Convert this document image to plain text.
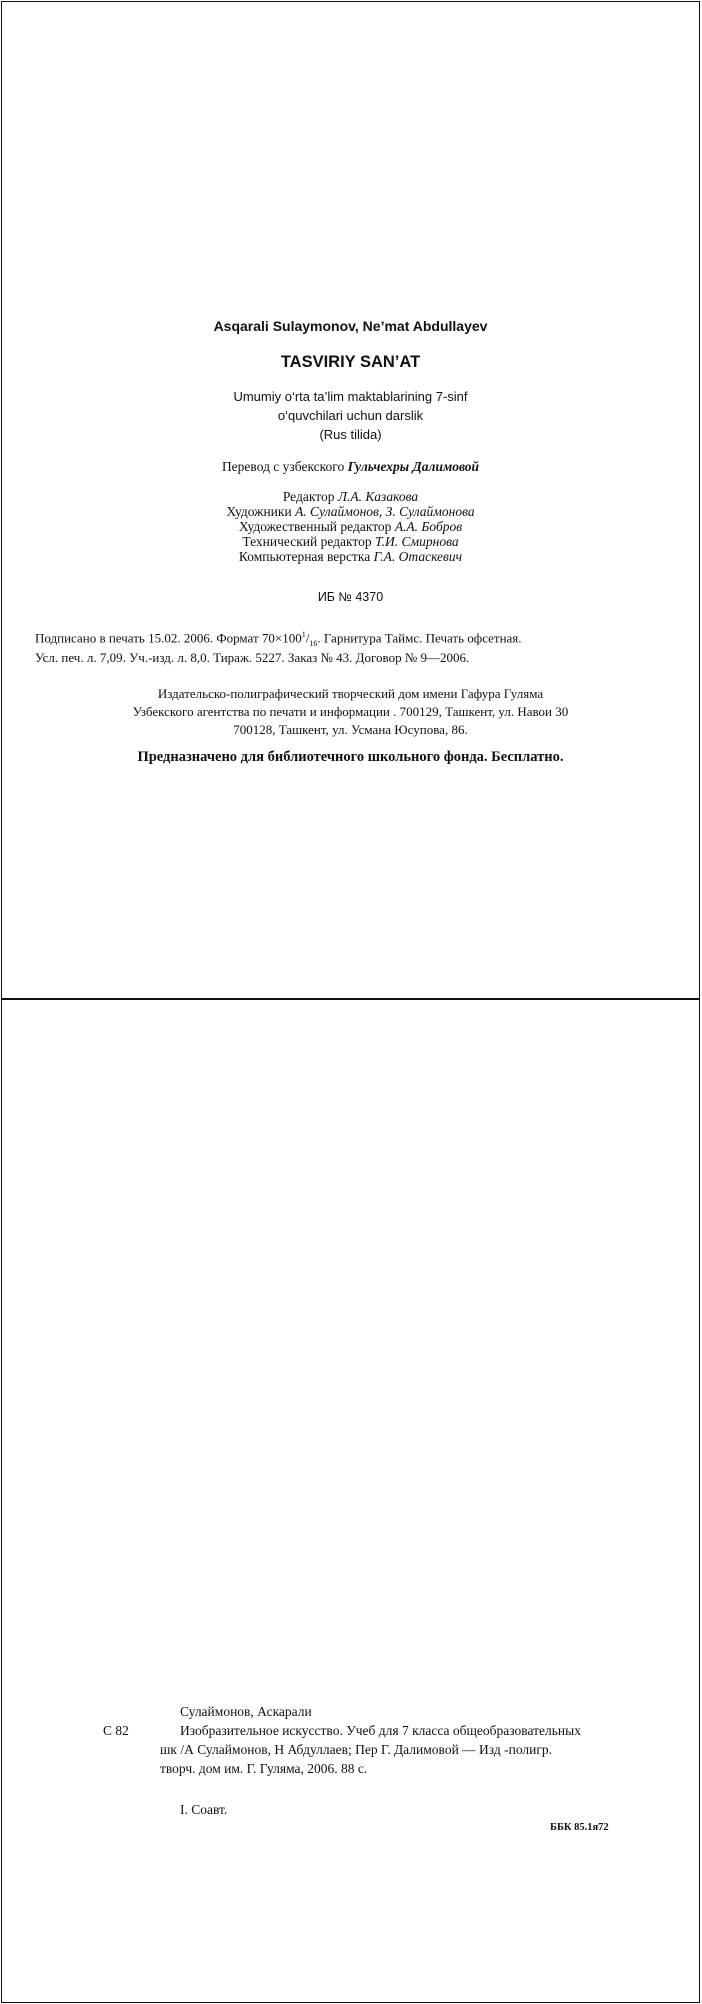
Asqarali Sulaymonov, Ne’mat Abdullayev
TASVIRIY SAN’AT
Umumiy o‘rta ta’lim maktablarining 7-sinf
o‘quvchilari uchun darslik
(Rus tilida)
Перевод с узбекского Гульчехры Далимовой
Редактор Л.А. Казакова
Художники А. Сулаймонов, З. Сулаймонова
Художественный редактор А.А. Бобров
Технический редактор Т.И. Смирнова
Компьютерная верстка Г.А. Отаскевич
ИБ № 4370
Подписано в печать 15.02. 2006. Формат $70\times 100^1/_{16}$. Гарнитура Таймс. Печать офсетная.
Усл. печ. л. 7,09. Уч.-изд. л. 8,0. Тираж. 5227. Заказ № 43. Договор № 9—2006.
Издательско-полиграфический творческий дом имени Гафура Гуляма
Узбекского агентства по печати и информации . 700129, Ташкент, ул. Навои 30
700128, Ташкент, ул. Усмана Юсупова, 86.
Предназначено для библиотечного школьного фонда. Бесплатно.
Сулаймонов, Аскарали
С 82	Изобразительное искусство. Учеб для 7 класса общеобразовательных
шк /А Сулаймонов, Н Абдуллаев; Пер Г. Далимовой — Изд -полигр.
творч. дом им. Г. Гуляма, 2006. 88 с.
I. Соавт.
ББК 85.1я72
